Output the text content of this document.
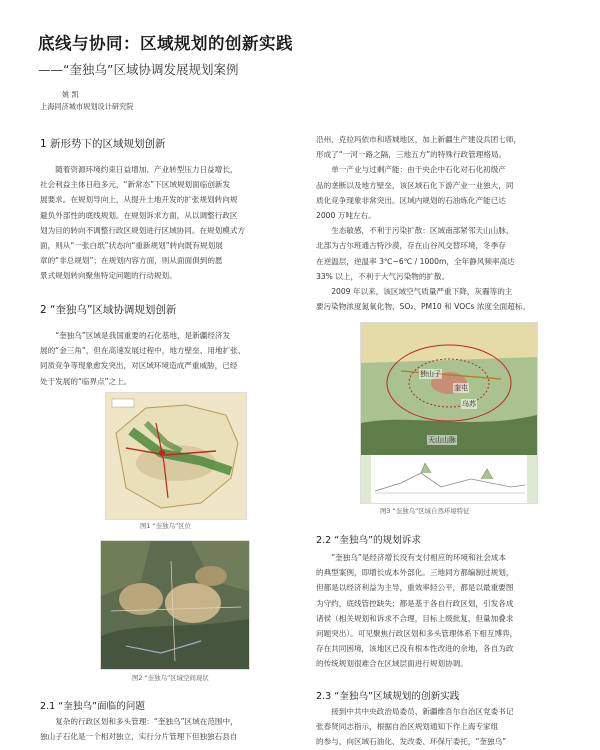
底线与协同：区域规划的创新实践
——“奎独乌”区域协调发展规划案例
姚 凯
上海同济城市规划设计研究院
1 新形势下的区域规划创新

随着资源环境约束日益增加、产业转型压力日益增长，

社会利益主体日趋多元，“新常态”下区域规划面临创新发

展要求。在规划导向上，从提升土地开发的扩张规划转向规

避负外部性的底线规划。在规划诉求方面，从以调整行政区

划为目的转向不调整行政区规划进行区域协同。在规划模式方

面，则从“一张白纸”状态向“重新规划”转向既有规划展

章的“非总规划”；在规划内容方面，则从面面俱到的愿

景式规划转向聚焦特定问题的行动规划。

2 “奎独乌”区域协调规划创新

“奎独乌”区域是我国重要的石化基地，是新疆经济发

展的“金三角”，但在高速发展过程中，地方壁垒、用地扩张、

同质竞争等现象愈发突出，对区域环境造成严重威胁，已经

处于发展的“临界点”之上。

图1 “奎独乌”区位
图2 “奎独乌”区域空间现状
2.1 “奎独乌”面临的问题

复杂的行政区划和多头管理：“奎独乌”区域在范围中，

独山子石化是一个相对独立，实行分片管理下但独独石县自

沿州、克拉玛依市和塔城地区，加上新疆生产建设兵团七师，

形成了“一河一路之隔，三地五方”的特殊行政管理格局。

单一产业与过剩产能：由于央企中石化对石化初级产

品的垄断以及地方壁垒，该区域石化下游产业一业独大，同

质化竞争现象非常突出。区域内规划的石油炼化产能已达

2000 万吨左右。

生态敏感，不利于污染扩散：区域南部紧邻天山山脉，

北部为古尔班通古特沙漠，存在山谷风交替环境，冬季存

在逆温层，逆温率 3℃~6℃ / 1000m，全年静风频率高达

33% 以上，不利于大气污染物的扩散。

2009 年以来，该区域空气质量严重下降，灰霾等的主

要污染物浓度氮氧化物、SO₂、PM10 和 VOCs 浓度全面超标。

独山子
奎屯
乌苏
天山山脉
图3 “奎独乌”区域自然环境特征
2.2 “奎独乌”的规划诉求

“奎独乌”是经济增长没有支付相应的环境和社会成本

的典型案例，即增长成本外部化。三地同方都编制过规划，

但都是以经济利益为主导，重效率轻公平，都是以最重要图

为守约，底线管控缺失；都是基于各自行政区划，引发各成

诸侯（相关规划和诉求不合理，目标上级批复，但量加叠求

问题突出）。可见聚焦行政区划和多头管理体系下相互博弈，

存在共同困境，该地区已没有根本性改进的余地，各自为政

的传统规划很难合在区域层面进行规划协调。

2.3 “奎独乌”区域规划的创新实践

接到中共中央政治局委员、新疆维吾尔自治区党委书记

张春贤同志指示，根据自治区规划通知下作上海专家组

的参与，向区域石油化、发改委、环保厅委托，“奎独乌”
